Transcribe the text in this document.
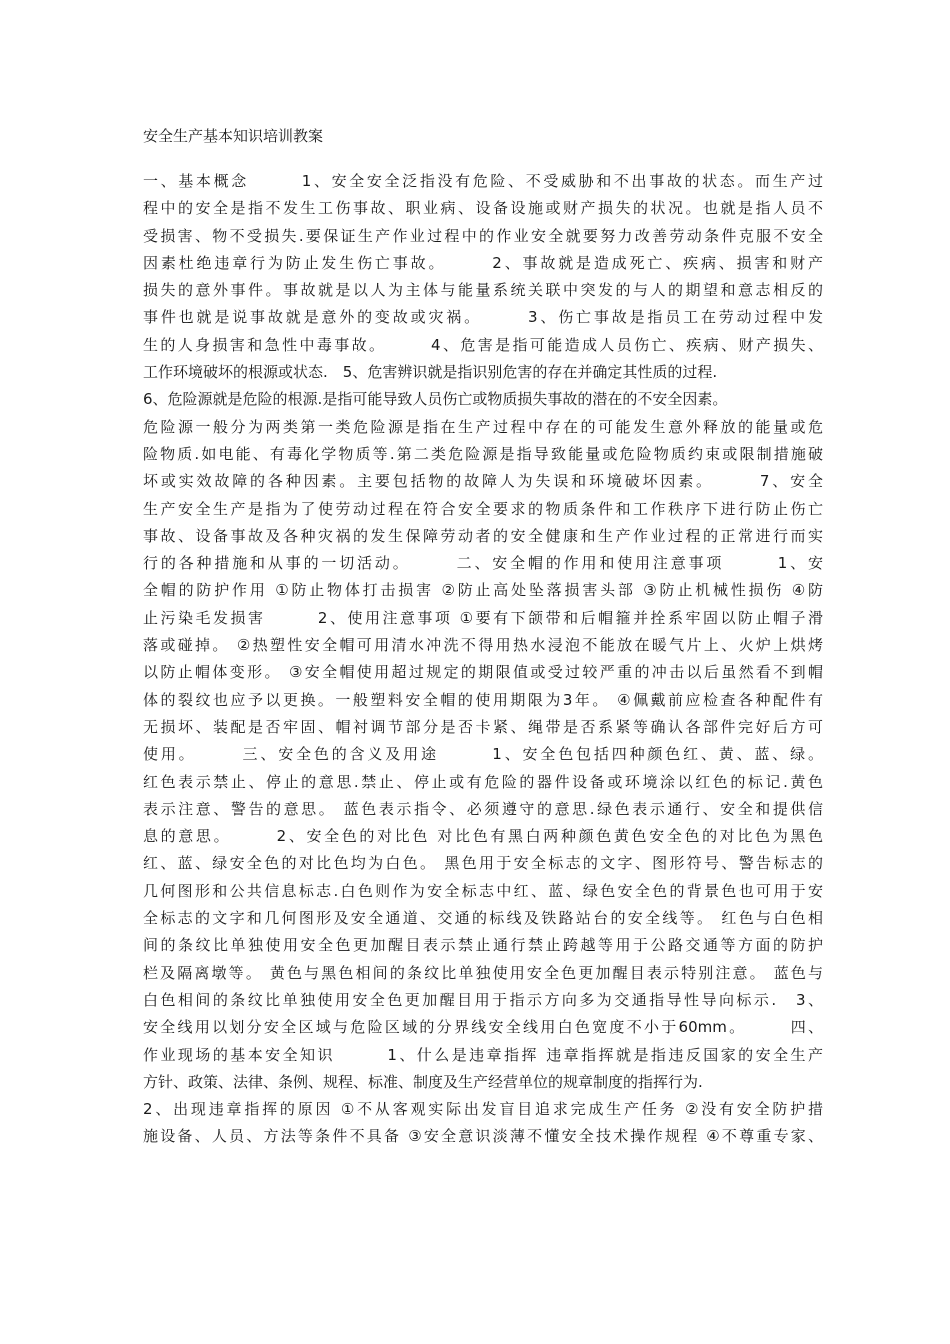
安全生产基本知识培训教案
一、基本概念　　　1、安全安全泛指没有危险、不受威胁和不出事故的状态。而生产过
程中的安全是指不发生工伤事故、职业病、设备设施或财产损失的状况。也就是指人员不
受损害、物不受损失.要保证生产作业过程中的作业安全就要努力改善劳动条件克服不安全
因素杜绝违章行为防止发生伤亡事故。　　　2、事故就是造成死亡、疾病、损害和财产
损失的意外事件。事故就是以人为主体与能量系统关联中突发的与人的期望和意志相反的
事件也就是说事故就是意外的变故或灾祸。　　　3、伤亡事故是指员工在劳动过程中发
生的人身损害和急性中毒事故。　　　4、危害是指可能造成人员伤亡、疾病、财产损失、
工作环境破坏的根源或状态.　5、危害辨识就是指识别危害的存在并确定其性质的过程.
6、危险源就是危险的根源.是指可能导致人员伤亡或物质损失事故的潜在的不安全因素。
危险源一般分为两类第一类危险源是指在生产过程中存在的可能发生意外释放的能量或危
险物质.如电能、有毒化学物质等.第二类危险源是指导致能量或危险物质约束或限制措施破
坏或实效故障的各种因素。主要包括物的故障人为失误和环境破坏因素。　　　7、安全
生产安全生产是指为了使劳动过程在符合安全要求的物质条件和工作秩序下进行防止伤亡
事故、设备事故及各种灾祸的发生保障劳动者的安全健康和生产作业过程的正常进行而实
行的各种措施和从事的一切活动。　　　二、安全帽的作用和使用注意事项　　　1、安
全帽的防护作用 ①防止物体打击损害 ②防止高处坠落损害头部 ③防止机械性损伤 ④防
止污染毛发损害　　　2、使用注意事项 ①要有下颌带和后帽箍并拴系牢固以防止帽子滑
落或碰掉。 ②热塑性安全帽可用清水冲洗不得用热水浸泡不能放在暖气片上、火炉上烘烤
以防止帽体变形。 ③安全帽使用超过规定的期限值或受过较严重的冲击以后虽然看不到帽
体的裂纹也应予以更换。一般塑料安全帽的使用期限为3年。 ④佩戴前应检查各种配件有
无损坏、装配是否牢固、帽衬调节部分是否卡紧、绳带是否系紧等确认各部件完好后方可
使用。　　　三、安全色的含义及用途　　　1、安全色包括四种颜色红、黄、蓝、绿。
红色表示禁止、停止的意思.禁止、停止或有危险的器件设备或环境涂以红色的标记.黄色
表示注意、警告的意思。 蓝色表示指令、必须遵守的意思.绿色表示通行、安全和提供信
息的意思。　　　2、安全色的对比色 对比色有黑白两种颜色黄色安全色的对比色为黑色
红、蓝、绿安全色的对比色均为白色。 黑色用于安全标志的文字、图形符号、警告标志的
几何图形和公共信息标志.白色则作为安全标志中红、蓝、绿色安全色的背景色也可用于安
全标志的文字和几何图形及安全通道、交通的标线及铁路站台的安全线等。 红色与白色相
间的条纹比单独使用安全色更加醒目表示禁止通行禁止跨越等用于公路交通等方面的防护
栏及隔离墩等。 黄色与黑色相间的条纹比单独使用安全色更加醒目表示特别注意。 蓝色与
白色相间的条纹比单独使用安全色更加醒目用于指示方向多为交通指导性导向标示.　3、
安全线用以划分安全区域与危险区域的分界线安全线用白色宽度不小于60mm。　　　四、
作业现场的基本安全知识　　　1、什么是违章指挥 违章指挥就是指违反国家的安全生产
方针、政策、法律、条例、规程、标准、制度及生产经营单位的规章制度的指挥行为.
2、出现违章指挥的原因 ①不从客观实际出发盲目追求完成生产任务 ②没有安全防护措
施设备、人员、方法等条件不具备 ③安全意识淡薄不懂安全技术操作规程 ④不尊重专家、
